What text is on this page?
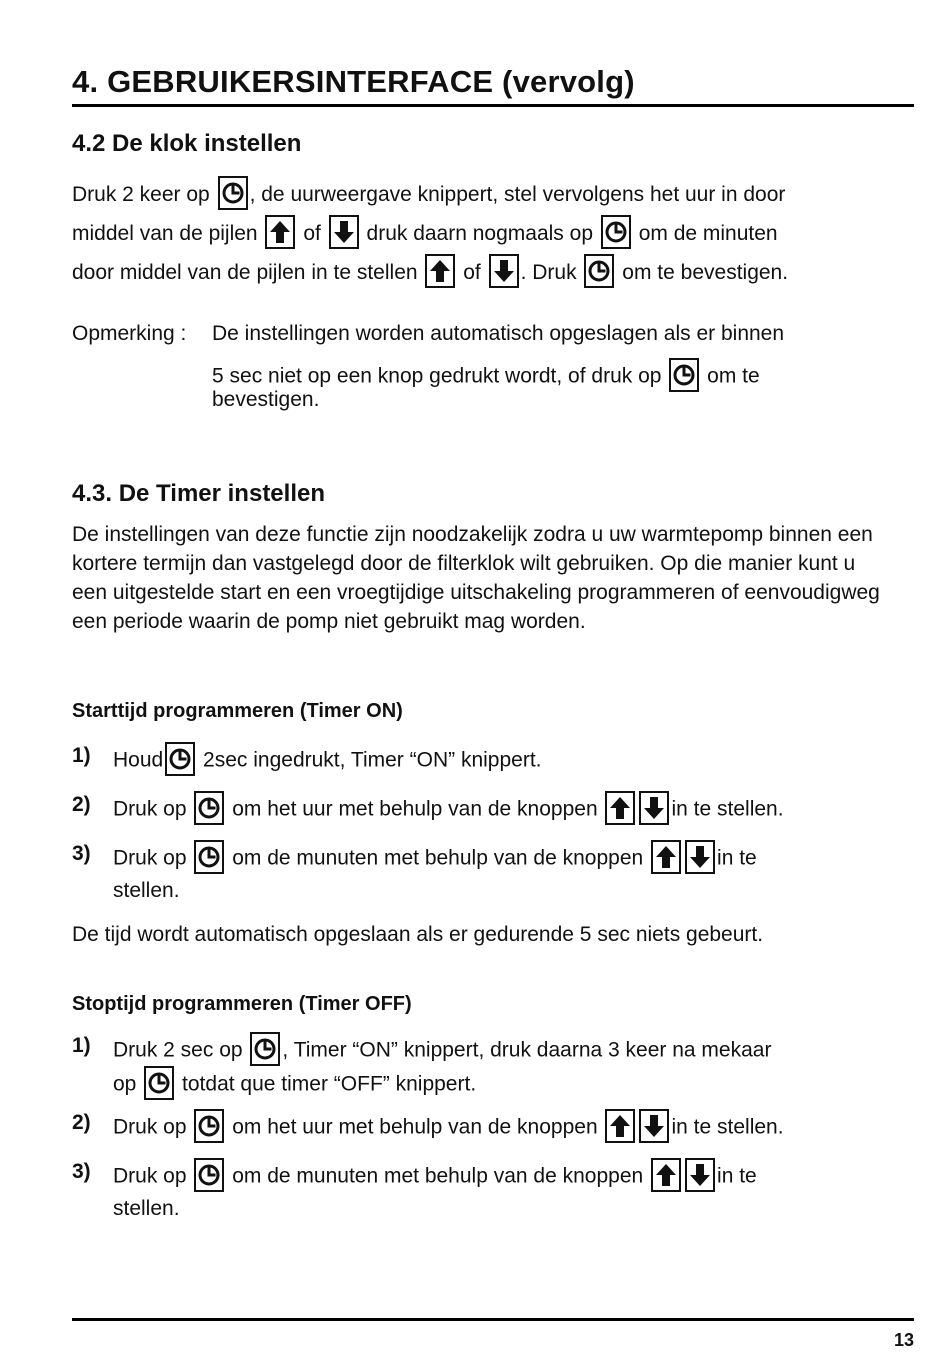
4. GEBRUIKERSINTERFACE (vervolg)
4.2 De klok instellen
Druk 2 keer op , de uurweergave knippert, stel vervolgens het uur in door
middel van de pijlen of druk daarn nogmaals op om de minuten
door middel van de pijlen in te stellen of . Druk om te bevestigen.
Opmerking : De instellingen worden automatisch opgeslagen als er binnen
5 sec niet op een knop gedrukt wordt, of druk op om te
bevestigen.
4.3. De Timer instellen
De instellingen van deze functie zijn noodzakelijk zodra u uw warmtepomp binnen een kortere termijn dan vastgelegd door de filterklok wilt gebruiken. Op die manier kunt u een uitgestelde start en een vroegtijdige uitschakeling programmeren of eenvoudigweg een periode waarin de pomp niet gebruikt mag worden.
Starttijd programmeren (Timer ON)
1) Houd 2sec ingedrukt, Timer “ON” knippert.
2) Druk op om het uur met behulp van de knoppen	in te stellen.
3) Druk op om de munuten met behulp van de knoppen	in te
stellen.
De tijd wordt automatisch opgeslaan als er gedurende 5 sec niets gebeurt.
Stoptijd programmeren (Timer OFF)
1) Druk 2 sec op , Timer “ON” knippert, druk daarna 3 keer na mekaar
op totdat que timer “OFF” knippert.
2) Druk op om het uur met behulp van de knoppen	in te stellen.
3) Druk op om de munuten met behulp van de knoppen	in te
stellen.
13
